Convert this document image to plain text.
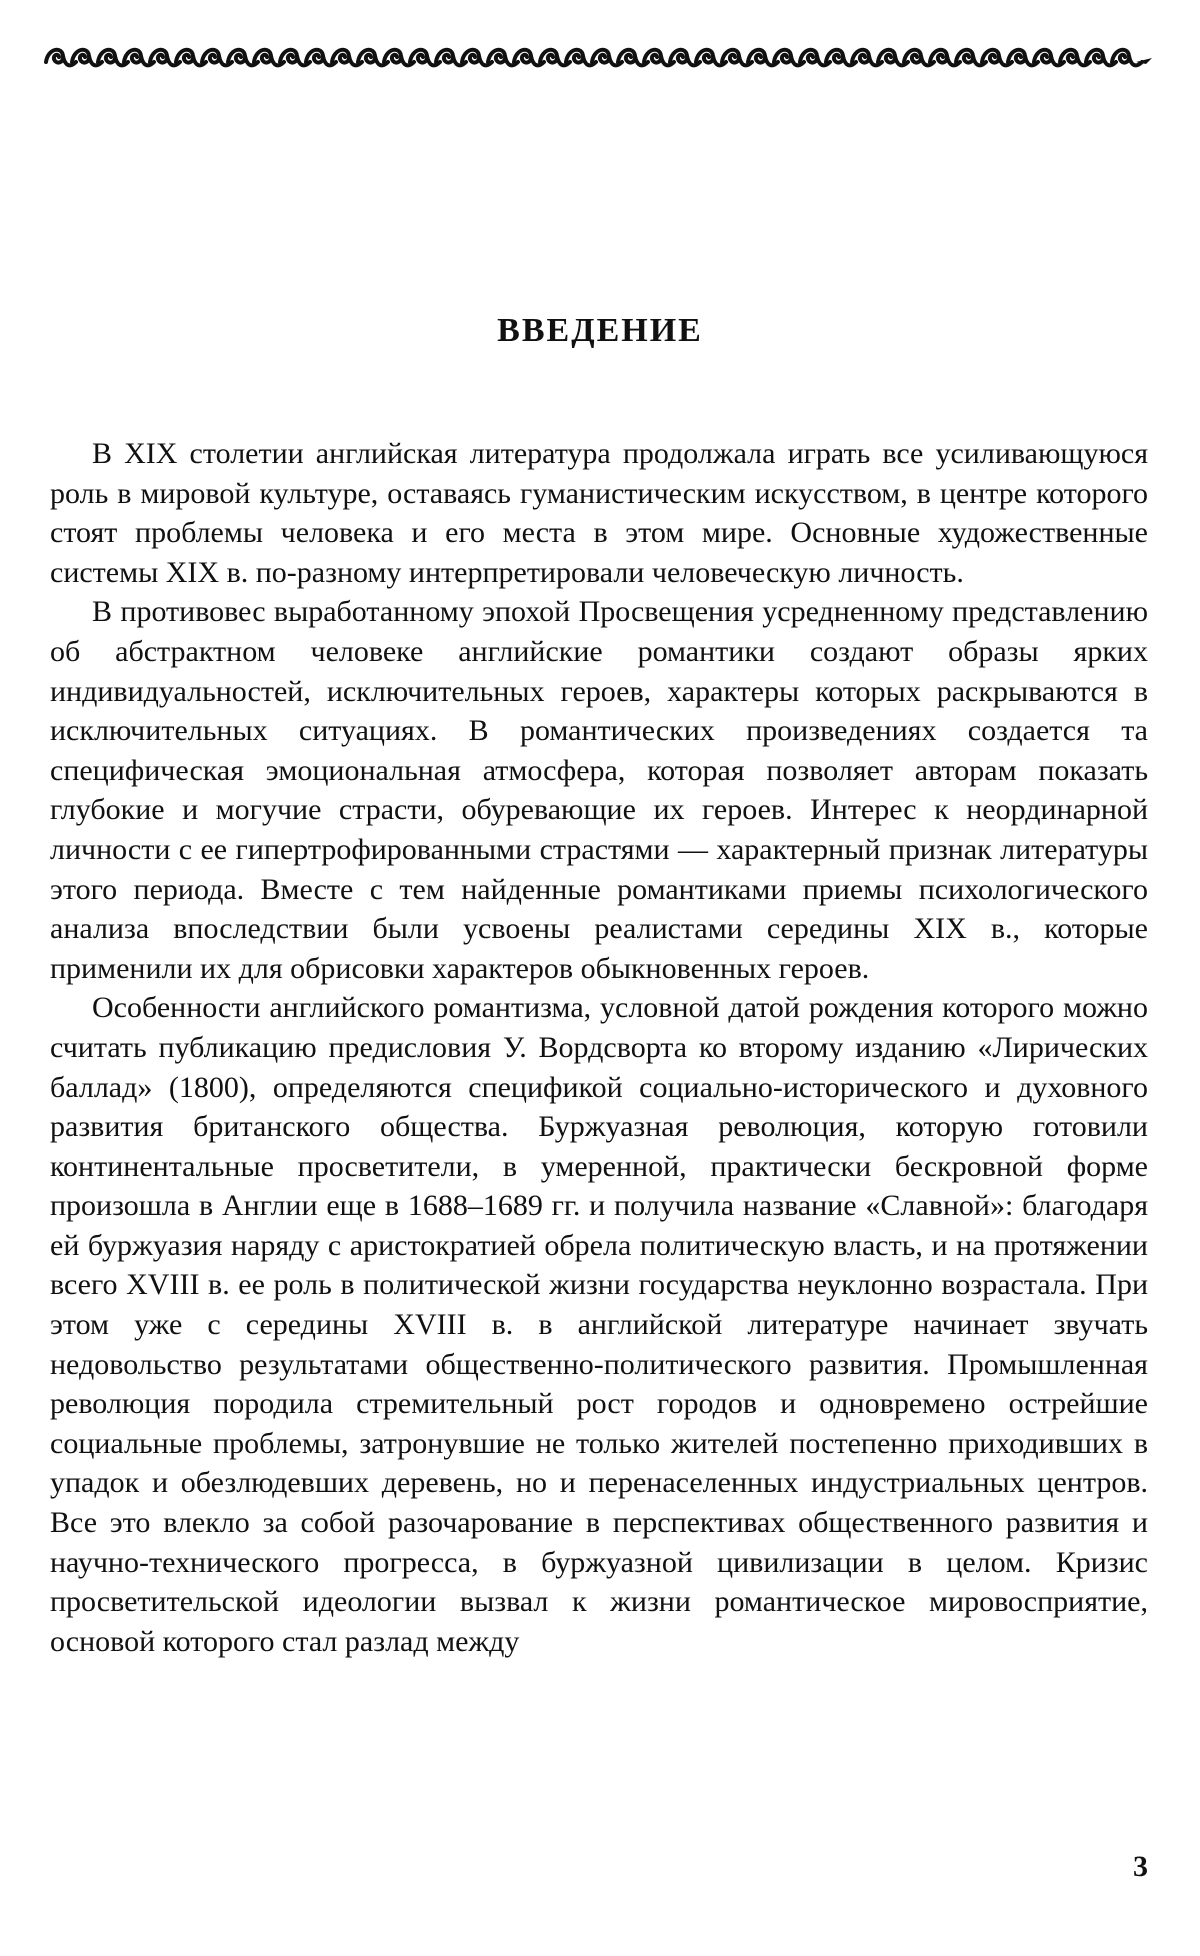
ВВЕДЕНИЕ

В XIX столетии английская литература продолжала играть все усиливающуюся роль в мировой культуре, оставаясь гуманистическим искусством, в центре которого стоят проблемы человека и его места в этом мире. Основные художественные системы XIX в. по-разному интерпретировали человеческую личность.

В противовес выработанному эпохой Просвещения усредненному представлению об абстрактном человеке английские романтики создают образы ярких индивидуальностей, исключительных героев, характеры которых раскрываются в исключительных ситуациях. В романтических произведениях создается та специфическая эмоциональная атмосфера, которая позволяет авторам показать глубокие и могучие страсти, обуревающие их героев. Интерес к неординарной личности с ее гипертрофированными страстями — характерный признак литературы этого периода. Вместе с тем найденные романтиками приемы психологического анализа впоследствии были усвоены реалистами середины XIX в., которые применили их для обрисовки характеров обыкновенных героев.

Особенности английского романтизма, условной датой рождения которого можно считать публикацию предисловия У. Вордсворта ко второму изданию «Лирических баллад» (1800), определяются спецификой социально-исторического и духовного развития британского общества. Буржуазная революция, которую готовили континентальные просветители, в умеренной, практически бескровной форме произошла в Англии еще в 1688–1689 гг. и получила название «Славной»: благодаря ей буржуазия наряду с аристократией обрела политическую власть, и на протяжении всего XVIII в. ее роль в политической жизни государства неуклонно возрастала. При этом уже с середины XVIII в. в английской литературе начинает звучать недовольство результатами общественно-политического развития. Промышленная революция породила стремительный рост городов и одновремено острейшие социальные проблемы, затронувшие не только жителей постепенно приходивших в упадок и обезлюдевших деревень, но и перенаселенных индустриальных центров. Все это влекло за собой разочарование в перспективах общественного развития и научно-технического прогресса, в буржуазной цивилизации в целом. Кризис просветительской идеологии вызвал к жизни романтическое мировосприятие, основой которого стал разлад между

3
